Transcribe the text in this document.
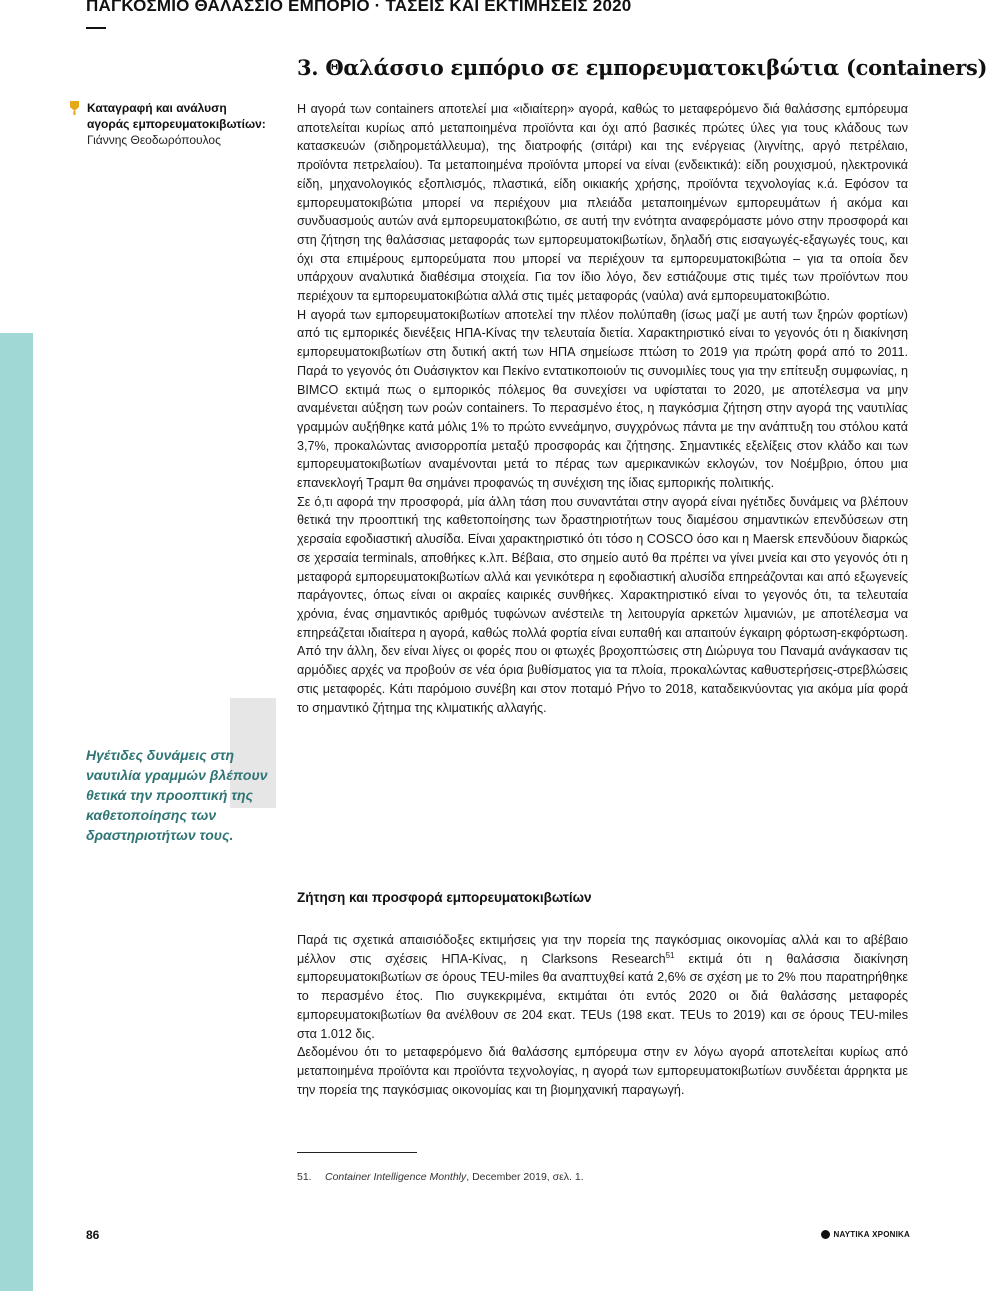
ΠΑΓΚΟΣΜΙΟ ΘΑΛΑΣΣΙΟ ΕΜΠΟΡΙΟ · ΤΑΣΕΙΣ ΚΑΙ ΕΚΤΙΜΗΣΕΙΣ 2020
3. Θαλάσσιο εμπόριο σε εμπορευματοκιβώτια (containers)
Καταγραφή και ανάλυση
αγοράς εμπορευματοκιβωτίων:
Γιάννης Θεοδωρόπουλος
Ηγέτιδες δυνάμεις στη ναυτιλία γραμμών βλέπουν θετικά την προοπτική της καθετοποίησης των δραστηριοτήτων τους.

Η αγορά των containers αποτελεί μια «ιδιαίτερη» αγορά, καθώς το μεταφερόμενο διά θαλάσσης εμπόρευμα αποτελείται κυρίως από μεταποιημένα προϊόντα και όχι από βασικές πρώτες ύλες για τους κλάδους των κατασκευών (σιδηρομετάλλευμα), της διατροφής (σιτάρι) και της ενέργειας (λιγνίτης, αργό πετρέλαιο, προϊόντα πετρελαίου). Τα μεταποιημένα προϊόντα μπορεί να είναι (ενδεικτικά): είδη ρουχισμού, ηλεκτρονικά είδη, μηχανολογικός εξοπλισμός, πλαστικά, είδη οικιακής χρήσης, προϊόντα τεχνολογίας κ.ά. Εφόσον τα εμπορευματοκιβώτια μπορεί να περιέχουν μια πλειάδα μεταποιημένων εμπορευμάτων ή ακόμα και συνδυασμούς αυτών ανά εμπορευματοκιβώτιο, σε αυτή την ενότητα αναφερόμαστε μόνο στην προσφορά και στη ζήτηση της θαλάσσιας μεταφοράς των εμπορευματοκιβωτίων, δηλαδή στις εισαγωγές-εξαγωγές τους, και όχι στα επιμέρους εμπορεύματα που μπορεί να περιέχουν τα εμπορευματοκιβώτια – για τα οποία δεν υπάρχουν αναλυτικά διαθέσιμα στοιχεία. Για τον ίδιο λόγο, δεν εστιάζουμε στις τιμές των προϊόντων που περιέχουν τα εμπορευματοκιβώτια αλλά στις τιμές μεταφοράς (ναύλα) ανά εμπορευματοκιβώτιο.

Η αγορά των εμπορευματοκιβωτίων αποτελεί την πλέον πολύπαθη (ίσως μαζί με αυτή των ξηρών φορτίων) από τις εμπορικές διενέξεις ΗΠΑ-Κίνας την τελευταία διετία. Χαρακτηριστικό είναι το γεγονός ότι η διακίνηση εμπορευματοκιβωτίων στη δυτική ακτή των ΗΠΑ σημείωσε πτώση το 2019 για πρώτη φορά από το 2011. Παρά το γεγονός ότι Ουάσιγκτον και Πεκίνο εντατικοποιούν τις συνομιλίες τους για την επίτευξη συμφωνίας, η BIMCO εκτιμά πως ο εμπορικός πόλεμος θα συνεχίσει να υφίσταται το 2020, με αποτέλεσμα να μην αναμένεται αύξηση των ροών containers. Το περασμένο έτος, η παγκόσμια ζήτηση στην αγορά της ναυτιλίας γραμμών αυξήθηκε κατά μόλις 1% το πρώτο εννεάμηνο, συγχρόνως πάντα με την ανάπτυξη του στόλου κατά 3,7%, προκαλώντας ανισορροπία μεταξύ προσφοράς και ζήτησης. Σημαντικές εξελίξεις στον κλάδο και των εμπορευματοκιβωτίων αναμένονται μετά το πέρας των αμερικανικών εκλογών, τον Νοέμβριο, όπου μια επανεκλογή Τραμπ θα σημάνει προφανώς τη συνέχιση της ίδιας εμπορικής πολιτικής.

Σε ό,τι αφορά την προσφορά, μία άλλη τάση που συναντάται στην αγορά είναι ηγέτιδες δυνάμεις να βλέπουν θετικά την προοπτική της καθετοποίησης των δραστηριοτήτων τους διαμέσου σημαντικών επενδύσεων στη χερσαία εφοδιαστική αλυσίδα. Είναι χαρακτηριστικό ότι τόσο η COSCO όσο και η Maersk επενδύουν διαρκώς σε χερσαία terminals, αποθήκες κ.λπ. Βέβαια, στο σημείο αυτό θα πρέπει να γίνει μνεία και στο γεγονός ότι η μεταφορά εμπορευματοκιβωτίων αλλά και γενικότερα η εφοδιαστική αλυσίδα επηρεάζονται και από εξωγενείς παράγοντες, όπως είναι οι ακραίες καιρικές συνθήκες. Χαρακτηριστικό είναι το γεγονός ότι, τα τελευταία χρόνια, ένας σημαντικός αριθμός τυφώνων ανέστειλε τη λειτουργία αρκετών λιμανιών, με αποτέλεσμα να επηρεάζεται ιδιαίτερα η αγορά, καθώς πολλά φορτία είναι ευπαθή και απαιτούν έγκαιρη φόρτωση-εκφόρτωση. Από την άλλη, δεν είναι λίγες οι φορές που οι φτωχές βροχοπτώσεις στη Διώρυγα του Παναμά ανάγκασαν τις αρμόδιες αρχές να προβούν σε νέα όρια βυθίσματος για τα πλοία, προκαλώντας καθυστερήσεις-στρεβλώσεις στις μεταφορές. Κάτι παρόμοιο συνέβη και στον ποταμό Ρήνο το 2018, καταδεικνύοντας για ακόμα μία φορά το σημαντικό ζήτημα της κλιματικής αλλαγής.

Ζήτηση και προσφορά εμπορευματοκιβωτίων

Παρά τις σχετικά απαισιόδοξες εκτιμήσεις για την πορεία της παγκόσμιας οικονομίας αλλά και το αβέβαιο μέλλον στις σχέσεις ΗΠΑ-Κίνας, η Clarksons Research$^{51}$ εκτιμά ότι η θαλάσσια διακίνηση εμπορευματοκιβωτίων σε όρους TEU-miles θα αναπτυχθεί κατά 2,6% σε σχέση με το 2% που παρατηρήθηκε το περασμένο έτος. Πιο συγκεκριμένα, εκτιμάται ότι εντός 2020 οι διά θαλάσσης μεταφορές εμπορευματοκιβωτίων θα ανέλθουν σε 204 εκατ. TEUs (198 εκατ. TEUs το 2019) και σε όρους TEU-miles στα 1.012 δις.

Δεδομένου ότι το μεταφερόμενο διά θαλάσσης εμπόρευμα στην εν λόγω αγορά αποτελείται κυρίως από μεταποιημένα προϊόντα και προϊόντα τεχνολογίας, η αγορά των εμπορευματοκιβωτίων συνδέεται άρρηκτα με την πορεία της παγκόσμιας οικονομίας και τη βιομηχανική παραγωγή.

51. Container Intelligence Monthly, December 2019, σελ. 1.
86	ΝΑΥΤΙΚΑ ΧΡΟΝΙΚΑ
